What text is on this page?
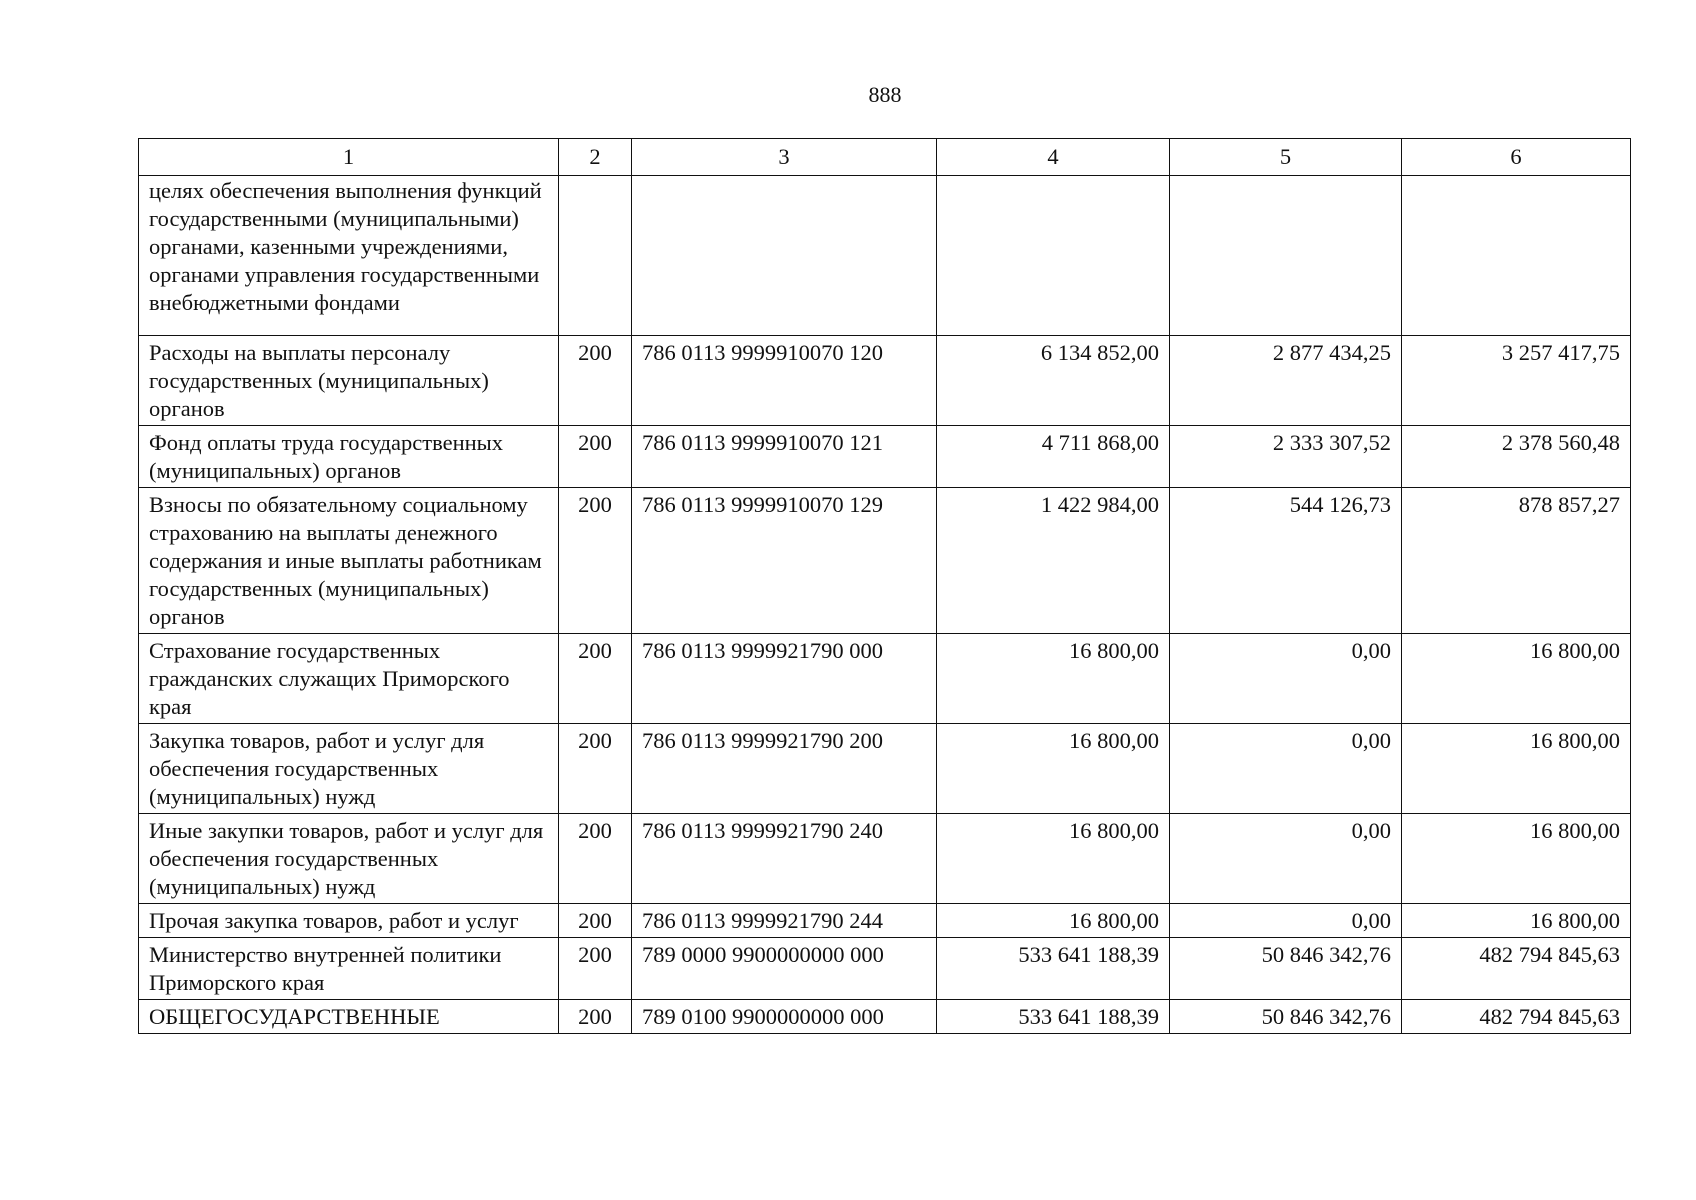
888
1	2	3	4	5	6
целях обеспечения выполнения функций государственными (муниципальными) органами, казенными учреждениями, органами управления государственными внебюджетными фондами					
Расходы на выплаты персоналу государственных (муниципальных) органов	200	786 0113 9999910070 120	6 134 852,00	2 877 434,25	3 257 417,75
Фонд оплаты труда государственных (муниципальных) органов	200	786 0113 9999910070 121	4 711 868,00	2 333 307,52	2 378 560,48
Взносы по обязательному социальному страхованию на выплаты денежного содержания и иные выплаты работникам государственных (муниципальных) органов	200	786 0113 9999910070 129	1 422 984,00	544 126,73	878 857,27
Страхование государственных гражданских служащих Приморского края	200	786 0113 9999921790 000	16 800,00	0,00	16 800,00
Закупка товаров, работ и услуг для обеспечения государственных (муниципальных) нужд	200	786 0113 9999921790 200	16 800,00	0,00	16 800,00
Иные закупки товаров, работ и услуг для обеспечения государственных (муниципальных) нужд	200	786 0113 9999921790 240	16 800,00	0,00	16 800,00
Прочая закупка товаров, работ и услуг	200	786 0113 9999921790 244	16 800,00	0,00	16 800,00
Министерство внутренней политики Приморского края	200	789 0000 9900000000 000	533 641 188,39	50 846 342,76	482 794 845,63
ОБЩЕГОСУДАРСТВЕННЫЕ	200	789 0100 9900000000 000	533 641 188,39	50 846 342,76	482 794 845,63
